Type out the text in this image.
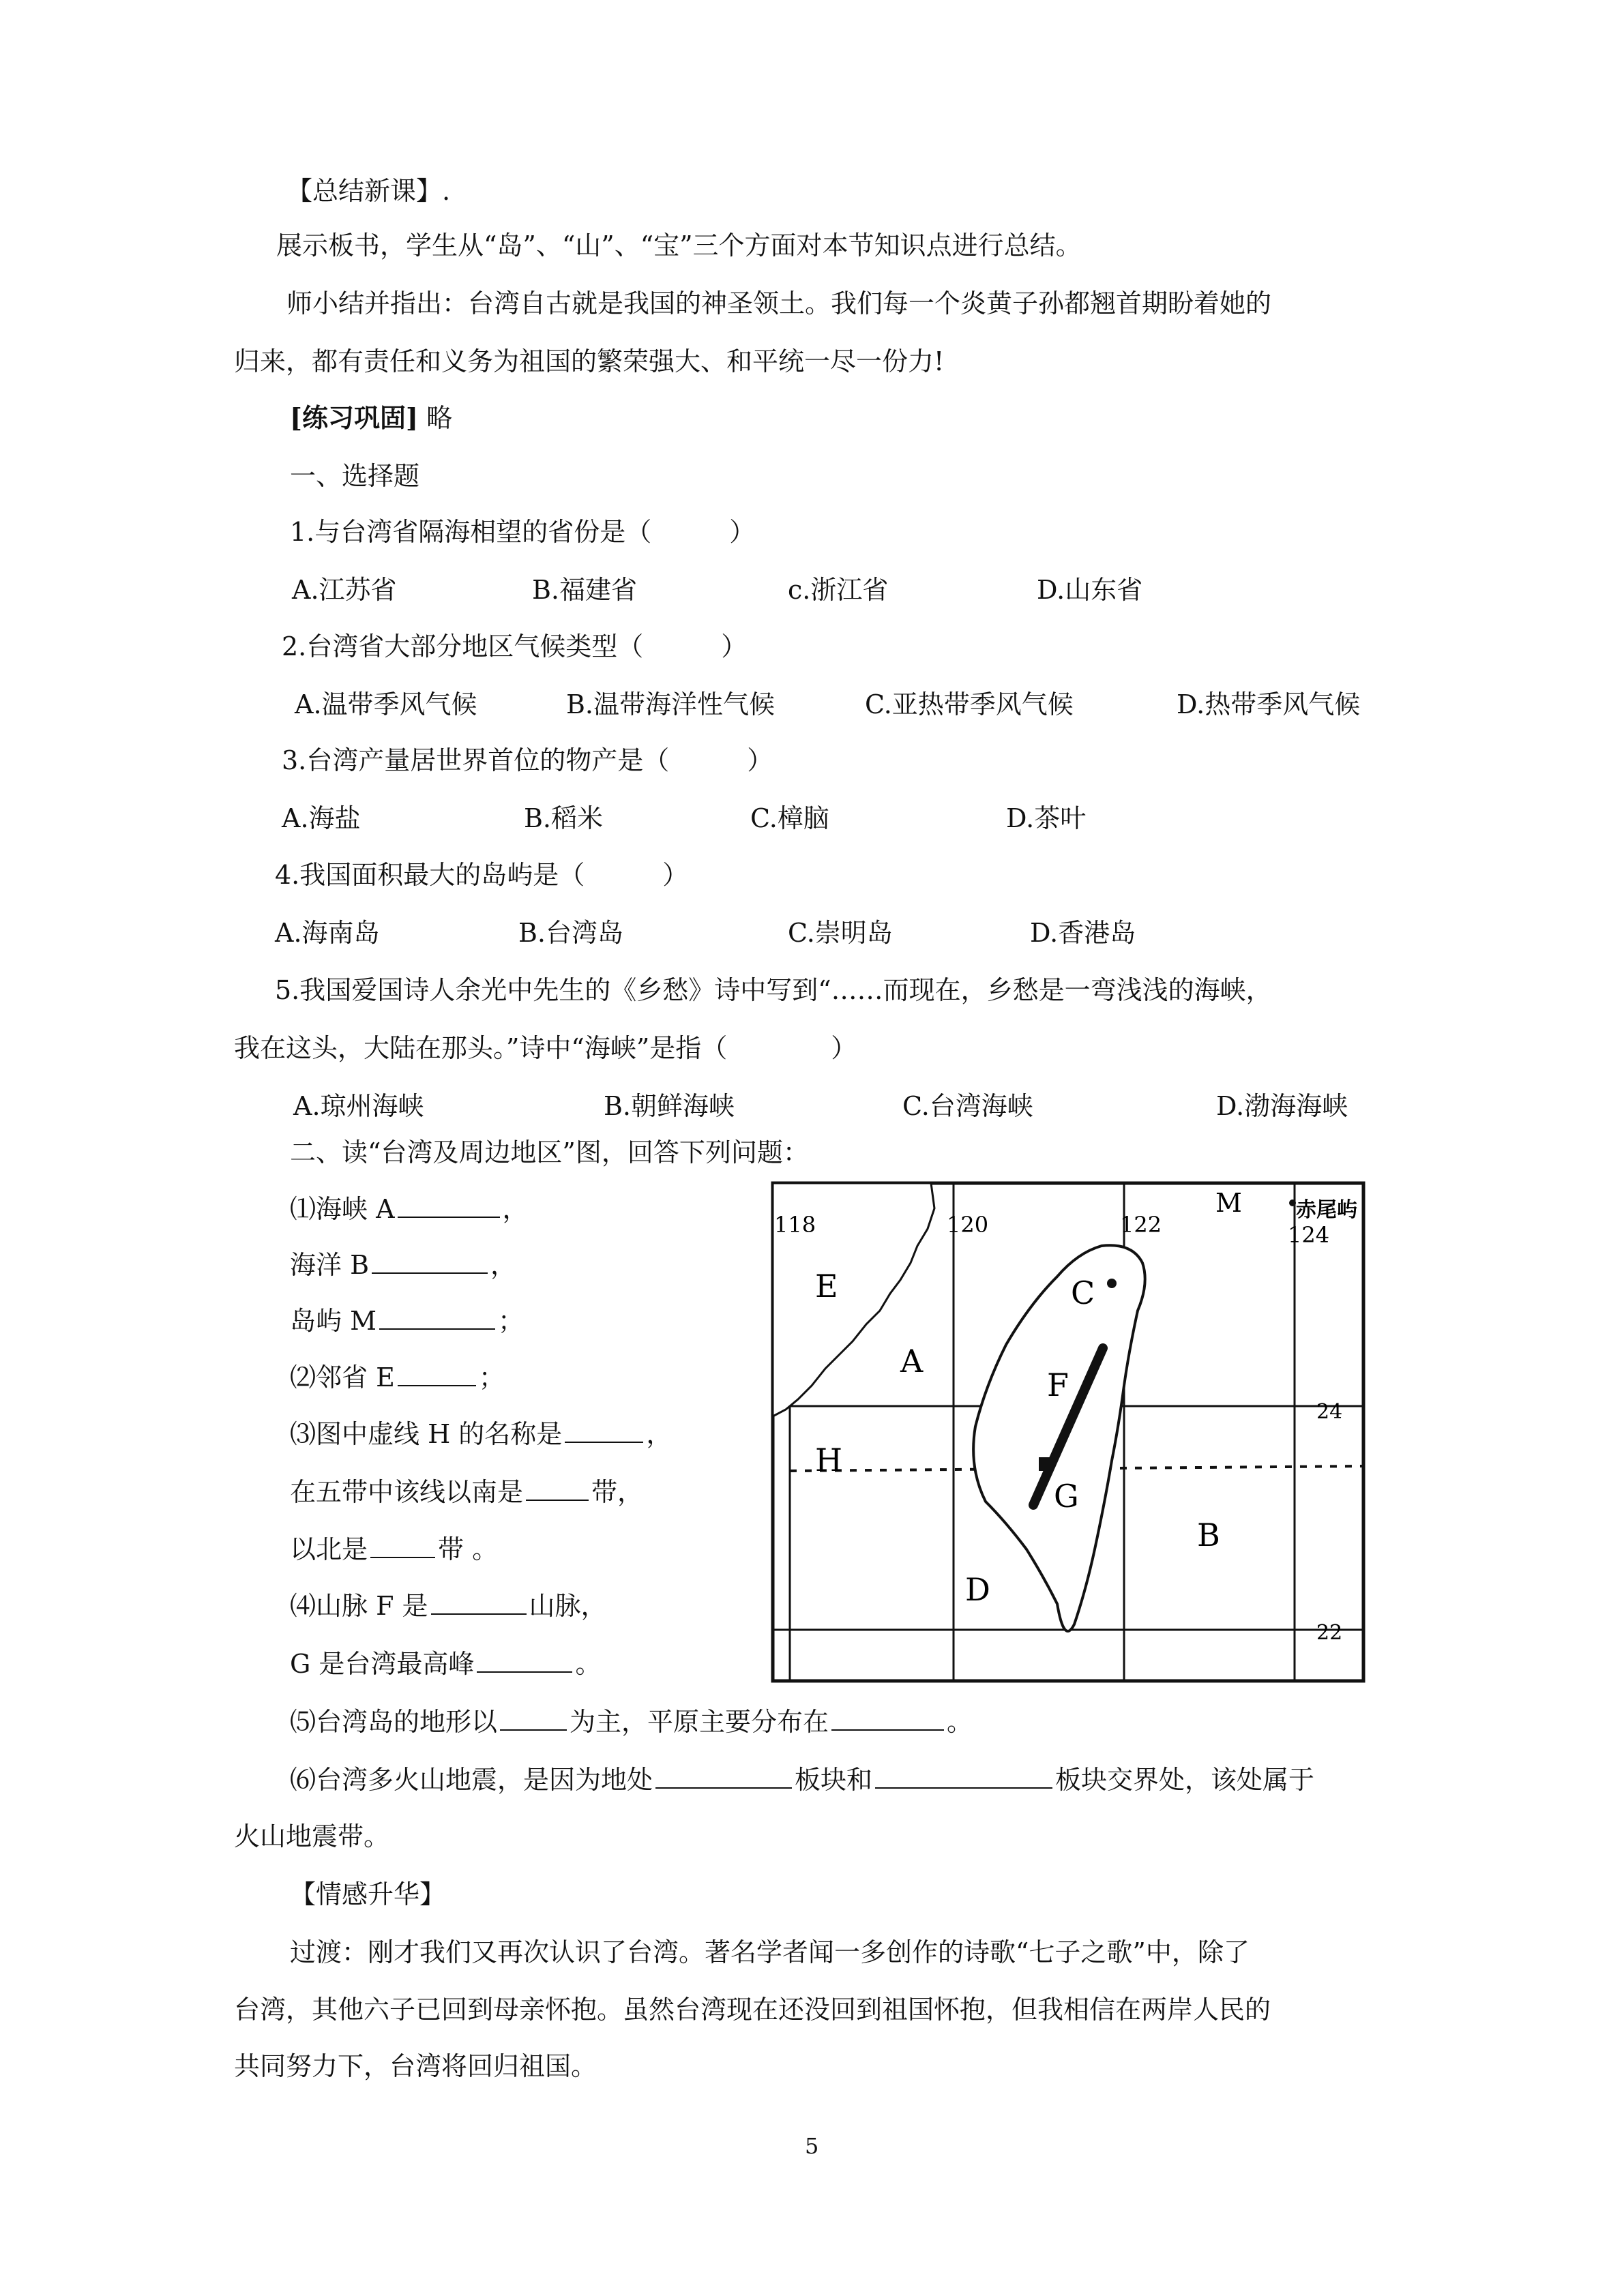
【总结新课】.
展示板书，学生从“岛”、“山”、“宝”三个方面对本节知识点进行总结。
师小结并指出：台湾自古就是我国的神圣领土。我们每一个炎黄子孙都翘首期盼着她的
归来，都有责任和义务为祖国的繁荣强大、和平统一尽一份力!
[练习巩固] 略
一、选择题
1.与台湾省隔海相望的省份是（　　　）
A.江苏省	B.福建省	c.浙江省	D.山东省
2.台湾省大部分地区气候类型（　　　）
A.温带季风气候	B.温带海洋性气候	C.亚热带季风气候	D.热带季风气候
3.台湾产量居世界首位的物产是（　　　）
A.海盐	B.稻米	C.樟脑	D.茶叶
4.我国面积最大的岛屿是（　　　）
A.海南岛	B.台湾岛	C.崇明岛	D.香港岛
5.我国爱国诗人余光中先生的《乡愁》诗中写到“……而现在，乡愁是一弯浅浅的海峡，
我在这头，大陆在那头。”诗中“海峡”是指（　　　　）
A.琼州海峡	B.朝鲜海峡	C.台湾海峡	D.渤海海峡
二、读“台湾及周边地区”图，回答下列问题：
⑴海峡 A	，
海洋 B	，
岛屿 M	；
⑵邻省 E	；
⑶图中虚线 H 的名称是	，
在五带中该线以南是	带，
以北是	带 。
⑷山脉 F 是	山脉，
G 是台湾最高峰	。
⑸台湾岛的地形以	为主，平原主要分布在	。
⑹台湾多火山地震，是因为地处	板块和	板块交界处，该处属于
火山地震带。
118	120	122	124
24
22
赤尾屿
A
B
C
D
E
F
G
H
M
【情感升华】
过渡：刚才我们又再次认识了台湾。著名学者闻一多创作的诗歌“七子之歌”中，除了
台湾，其他六子已回到母亲怀抱。虽然台湾现在还没回到祖国怀抱，但我相信在两岸人民的
共同努力下，台湾将回归祖国。
5
